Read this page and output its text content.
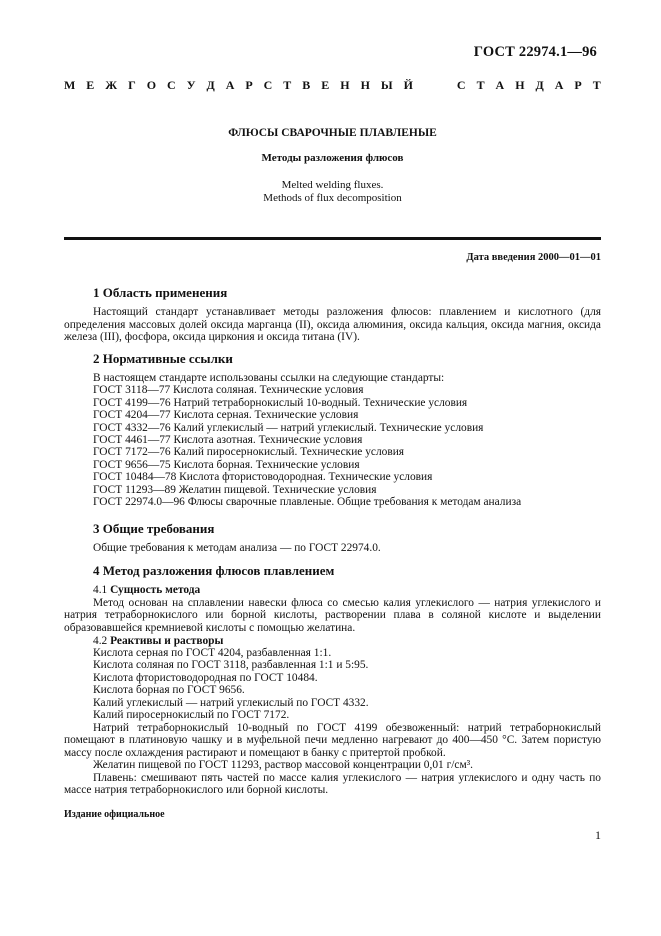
ГОСТ 22974.1—96
М Е Ж Г О С У Д А Р С Т В Е Н Н Ы Й	С Т А Н Д А Р Т
ФЛЮСЫ СВАРОЧНЫЕ ПЛАВЛЕНЫЕ
Методы разложения флюсов
Melted welding fluxes.
Methods of flux decomposition
Дата введения 2000—01—01
1 Область применения
Настоящий стандарт устанавливает методы разложения флюсов: плавлением и кислотного (для определения массовых долей оксида марганца (II), оксида алюминия, оксида кальция, оксида магния, оксида железа (III), фосфора, оксида циркония и оксида титана (IV).
2 Нормативные ссылки
В настоящем стандарте использованы ссылки на следующие стандарты:
ГОСТ 3118—77 Кислота соляная. Технические условия
ГОСТ 4199—76 Натрий тетраборнокислый 10-водный. Технические условия
ГОСТ 4204—77 Кислота серная. Технические условия
ГОСТ 4332—76 Калий углекислый — натрий углекислый. Технические условия
ГОСТ 4461—77 Кислота азотная. Технические условия
ГОСТ 7172—76 Калий пиросернокислый. Технические условия
ГОСТ 9656—75 Кислота борная. Технические условия
ГОСТ 10484—78 Кислота фтористоводородная. Технические условия
ГОСТ 11293—89 Желатин пищевой. Технические условия
ГОСТ 22974.0—96 Флюсы сварочные плавленые. Общие требования к методам анализа
3 Общие требования
Общие требования к методам анализа — по ГОСТ 22974.0.
4 Метод разложения флюсов плавлением
4.1 Сущность метода
Метод основан на сплавлении навески флюса со смесью калия углекислого — натрия углекислого и натрия тетраборнокислого или борной кислоты, растворении плава в соляной кислоте и выделении образовавшейся кремниевой кислоты с помощью желатина.
4.2 Реактивы и растворы
Кислота серная по ГОСТ 4204, разбавленная 1:1.
Кислота соляная по ГОСТ 3118, разбавленная 1:1 и 5:95.
Кислота фтористоводородная по ГОСТ 10484.
Кислота борная по ГОСТ 9656.
Калий углекислый — натрий углекислый по ГОСТ 4332.
Калий пиросернокислый по ГОСТ 7172.
Натрий тетраборнокислый 10-водный по ГОСТ 4199 обезвоженный: натрий тетраборнокислый помещают в платиновую чашку и в муфельной печи медленно нагревают до 400—450 °С. Затем пористую массу после охлаждения растирают и помещают в банку с притертой пробкой.
Желатин пищевой по ГОСТ 11293, раствор массовой концентрации 0,01 г/см³.
Плавень: смешивают пять частей по массе калия углекислого — натрия углекислого и одну часть по массе натрия тетраборнокислого или борной кислоты.
Издание официальное
1
